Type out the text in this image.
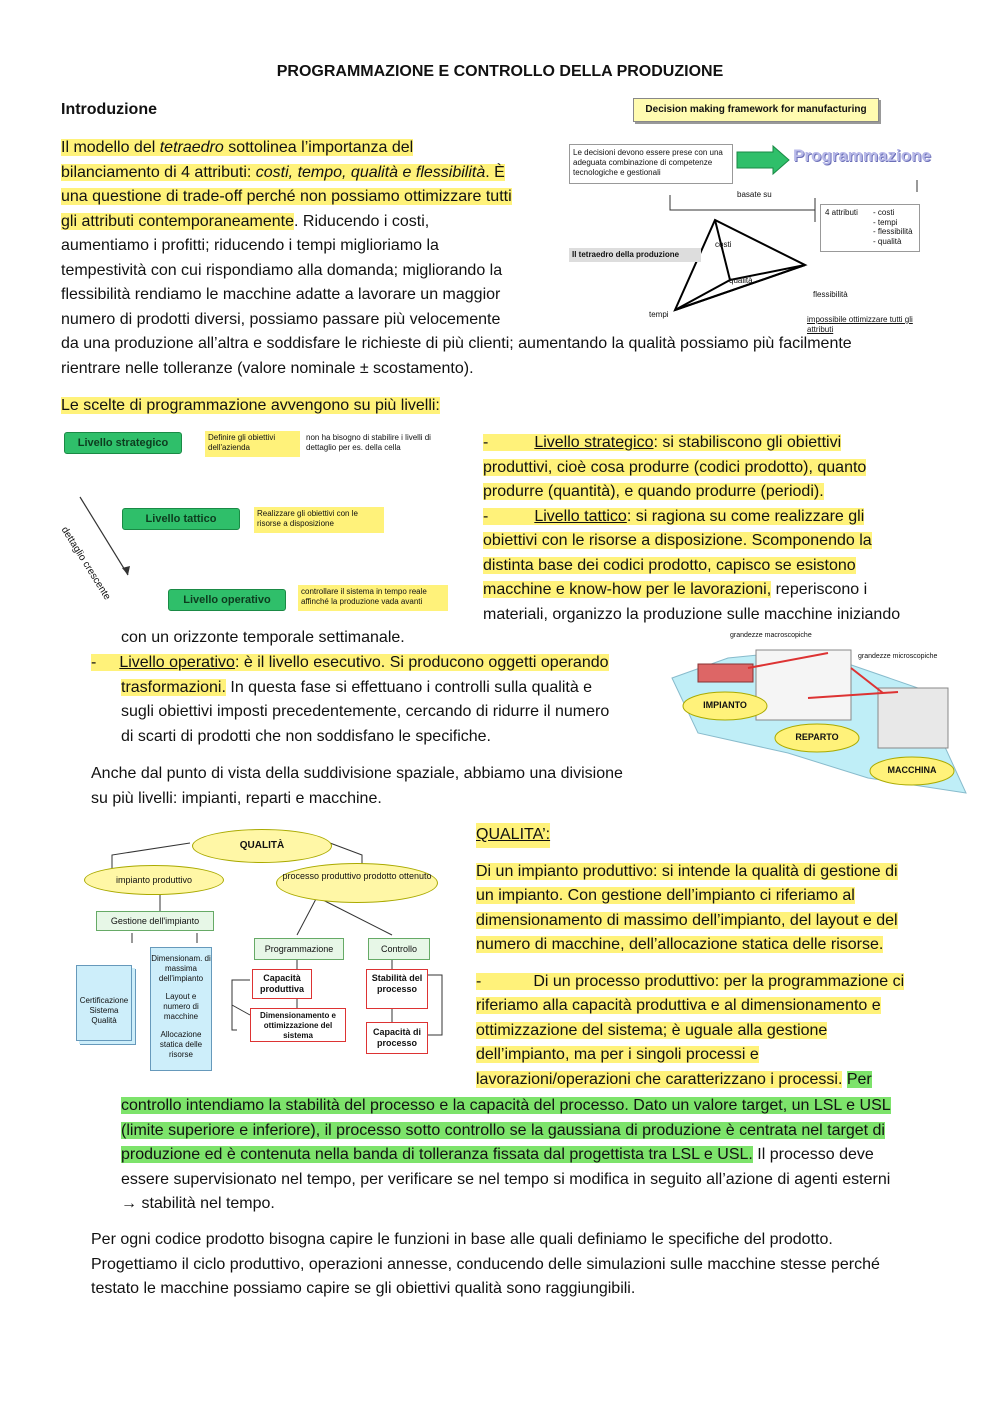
PROGRAMMAZIONE E CONTROLLO DELLA PRODUZIONE
Introduzione
Il modello del tetraedro sottolinea l’importanza del
bilanciamento di 4 attributi: costi, tempo, qualità e flessibilità. È
una questione di trade-off perché non possiamo ottimizzare tutti
gli attributi contemporaneamente. Riducendo i costi,
aumentiamo i profitti; riducendo i tempi miglioriamo la
tempestività con cui rispondiamo alla domanda; migliorando la
flessibilità rendiamo le macchine adatte a lavorare un maggior
numero di prodotti diversi, possiamo passare più velocemente
da una produzione all’altra e soddisfare le richieste di più clienti; aumentando la qualità possiamo più facilmente
rientrare nelle tolleranze (valore nominale ± scostamento).
Decision making framework for manufacturing
Le decisioni devono essere prese con una adeguata combinazione di competenze tecnologiche e gestionali
Programmazione
basate su
4 attributi - costi
- tempi
- flessibilità
- qualità
Il tetraedro della produzione
costi
qualità
flessibilità
tempi
impossibile ottimizzare tutti gli attributi
Le scelte di programmazione avvengono su più livelli:
Livello strategico	Definire gli obiettivi dell'azienda
non ha bisogno di stabilire i livelli di dettaglio per es. della cella
Livello tattico	Realizzare gli obiettivi con le risorse a disposizione
Livello operativo
controllare il sistema in tempo reale affinché la produzione vada avanti
dettaglio crescente
-	Livello strategico: si stabiliscono gli obiettivi
produttivi, cioè cosa produrre (codici prodotto), quanto
produrre (quantità), e quando produrre (periodi).
-	Livello tattico: si ragiona su come realizzare gli
obiettivi con le risorse a disposizione. Scomponendo la
distinta base dei codici prodotto, capisco se esistono
macchine e know-how per le lavorazioni, reperiscono i
materiali, organizzo la produzione sulle macchine iniziando
con un orizzonte temporale settimanale.
- Livello operativo: è il livello esecutivo. Si producono oggetti operando
trasformazioni. In questa fase si effettuano i controlli sulla qualità e
sugli obiettivi imposti precedentemente, cercando di ridurre il numero
di scarti di prodotti che non soddisfano le specifiche.
Anche dal punto di vista della suddivisione spaziale, abbiamo una divisione
su più livelli: impianti, reparti e macchine.
grandezze macroscopiche
grandezze microscopiche
IMPIANTO
REPARTO
MACCHINA
QUALITÀ
impianto produttivo	processo produttivo prodotto ottenuto
Gestione dell'impianto
Programmazione	Controllo
Certificazione Sistema Qualità
Dimensionam. di massima dell'impianto
Layout e numero di macchine
Allocazione statica delle risorse
Capacità produttiva
Dimensionamento e ottimizzazione del sistema
Stabilità del processo
Capacità di processo
QUALITA’:
Di un impianto produttivo: si intende la qualità di gestione di
un impianto. Con gestione dell’impianto ci riferiamo al
dimensionamento di massimo dell’impianto, del layout e del
numero di macchine, dell’allocazione statica delle risorse.
-	Di un processo produttivo: per la programmazione ci
riferiamo alla capacità produttiva e al dimensionamento e
ottimizzazione del sistema; è uguale alla gestione
dell’impianto, ma per i singoli processi e
lavorazioni/operazioni che caratterizzano i processi. Per
controllo intendiamo la stabilità del processo e la capacità del processo. Dato un valore target, un LSL e USL
(limite superiore e inferiore), il processo sotto controllo se la gaussiana di produzione è centrata nel target di
produzione ed è contenuta nella banda di tolleranza fissata dal progettista tra LSL e USL. Il processo deve
essere supervisionato nel tempo, per verificare se nel tempo si modifica in seguito all’azione di agenti esterni
→ stabilità nel tempo.
Per ogni codice prodotto bisogna capire le funzioni in base alle quali definiamo le specifiche del prodotto.
Progettiamo il ciclo produttivo, operazioni annesse, conducendo delle simulazioni sulle macchine stesse perché
testato le macchine possiamo capire se gli obiettivi qualità sono raggiungibili.
